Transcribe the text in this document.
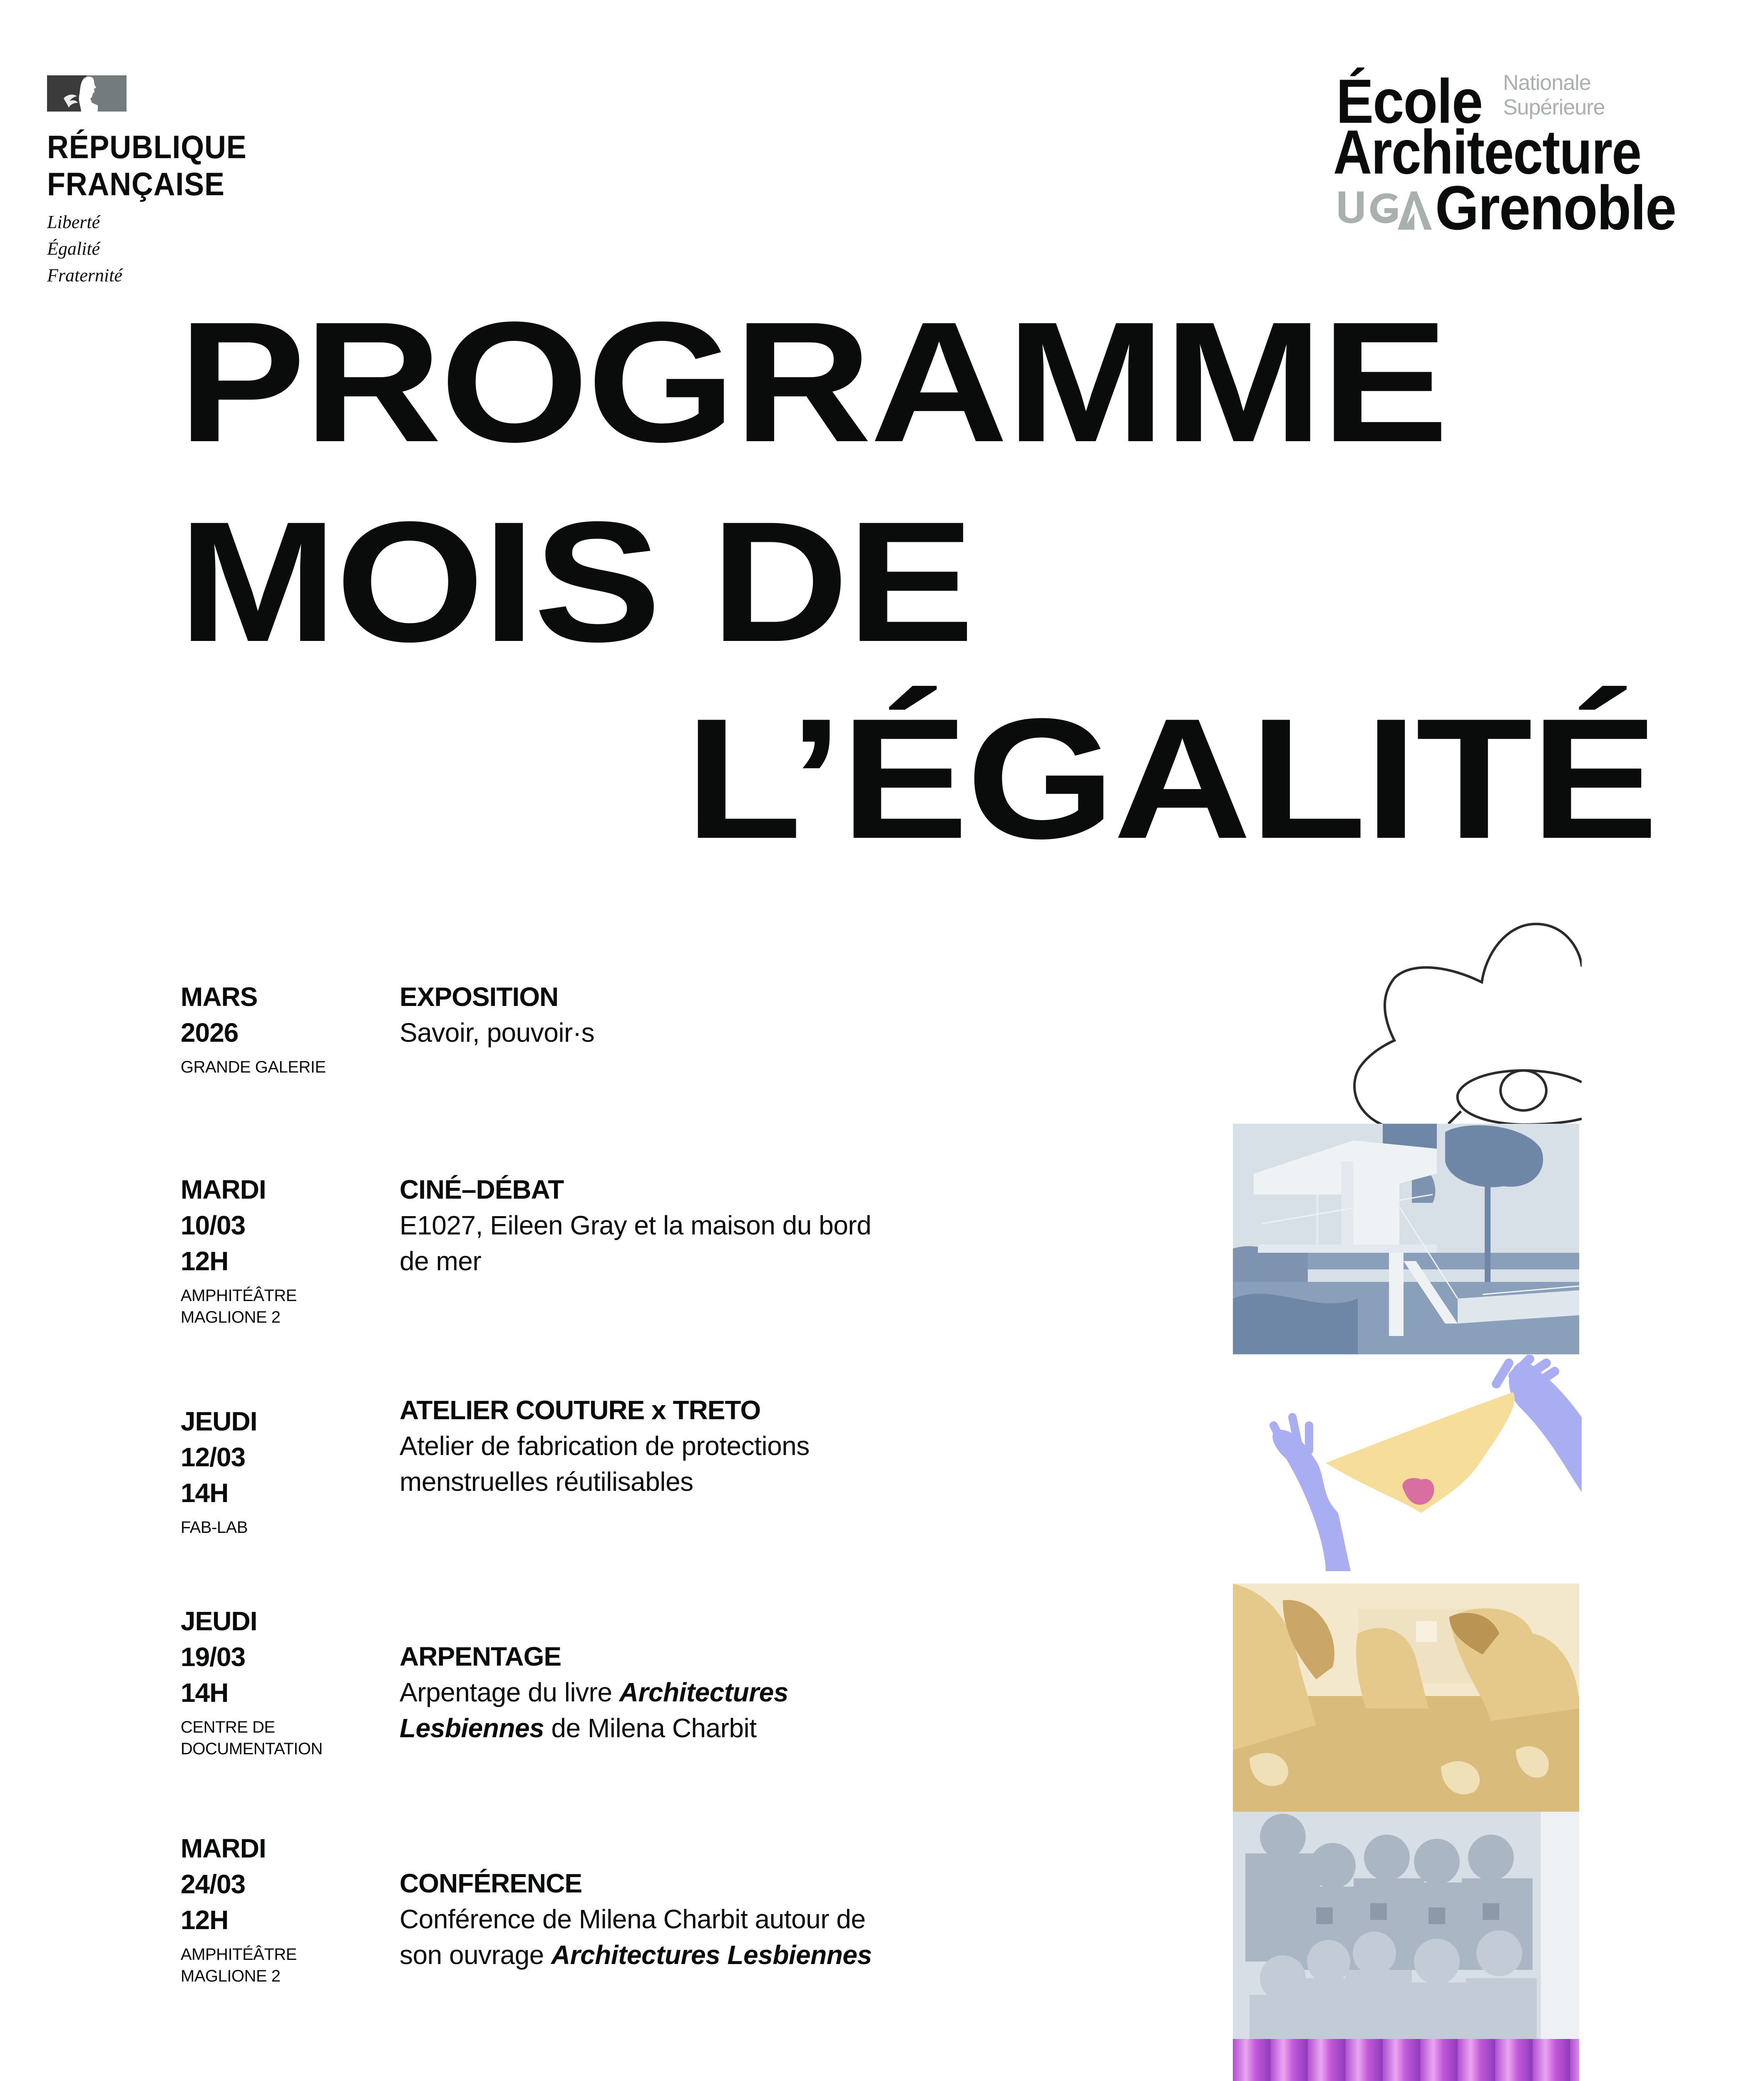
RÉPUBLIQUE
FRANÇAISE
Liberté
Égalité
Fraternité
École Nationale
Supérieure
Architecture
Grenoble
PROGRAMME
MOIS DE
L’ÉGALITÉ
MARS
2026
GRANDE GALERIE
EXPOSITION
Savoir, pouvoir·s
MARDI
10/03
12H
AMPHITÉÂTRE
MAGLIONE 2
CINÉ–DÉBAT
E1027, Eileen Gray et la maison du bord
de mer
JEUDI
12/03
14H
FAB-LAB
ATELIER COUTURE x TRETO
Atelier de fabrication de protections
menstruelles réutilisables
JEUDI
19/03
14H
CENTRE DE
DOCUMENTATION
ARPENTAGE
Arpentage du livre Architectures
Lesbiennes de Milena Charbit
MARDI
24/03
12H
AMPHITÉÂTRE
MAGLIONE 2
CONFÉRENCE
Conférence de Milena Charbit autour de
son ouvrage Architectures Lesbiennes
